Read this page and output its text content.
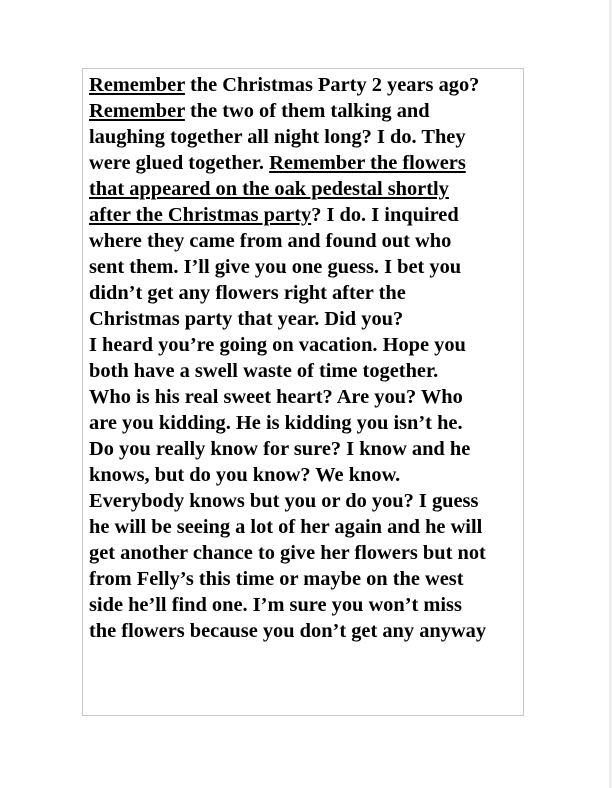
Remember the Christmas Party 2 years ago?
Remember the two of them talking and
laughing together all night long? I do. They
were glued together. Remember the flowers
that appeared on the oak pedestal shortly
after the Christmas party? I do. I inquired
where they came from and found out who
sent them. I’ll give you one guess. I bet you
didn’t get any flowers right after the
Christmas party that year. Did you?
I heard you’re going on vacation. Hope you
both have a swell waste of time together.
Who is his real sweet heart? Are you? Who
are you kidding. He is kidding you isn’t he.
Do you really know for sure? I know and he
knows, but do you know? We know.
Everybody knows but you or do you? I guess
he will be seeing a lot of her again and he will
get another chance to give her flowers but not
from Felly’s this time or maybe on the west
side he’ll find one. I’m sure you won’t miss
the flowers because you don’t get any anyway
